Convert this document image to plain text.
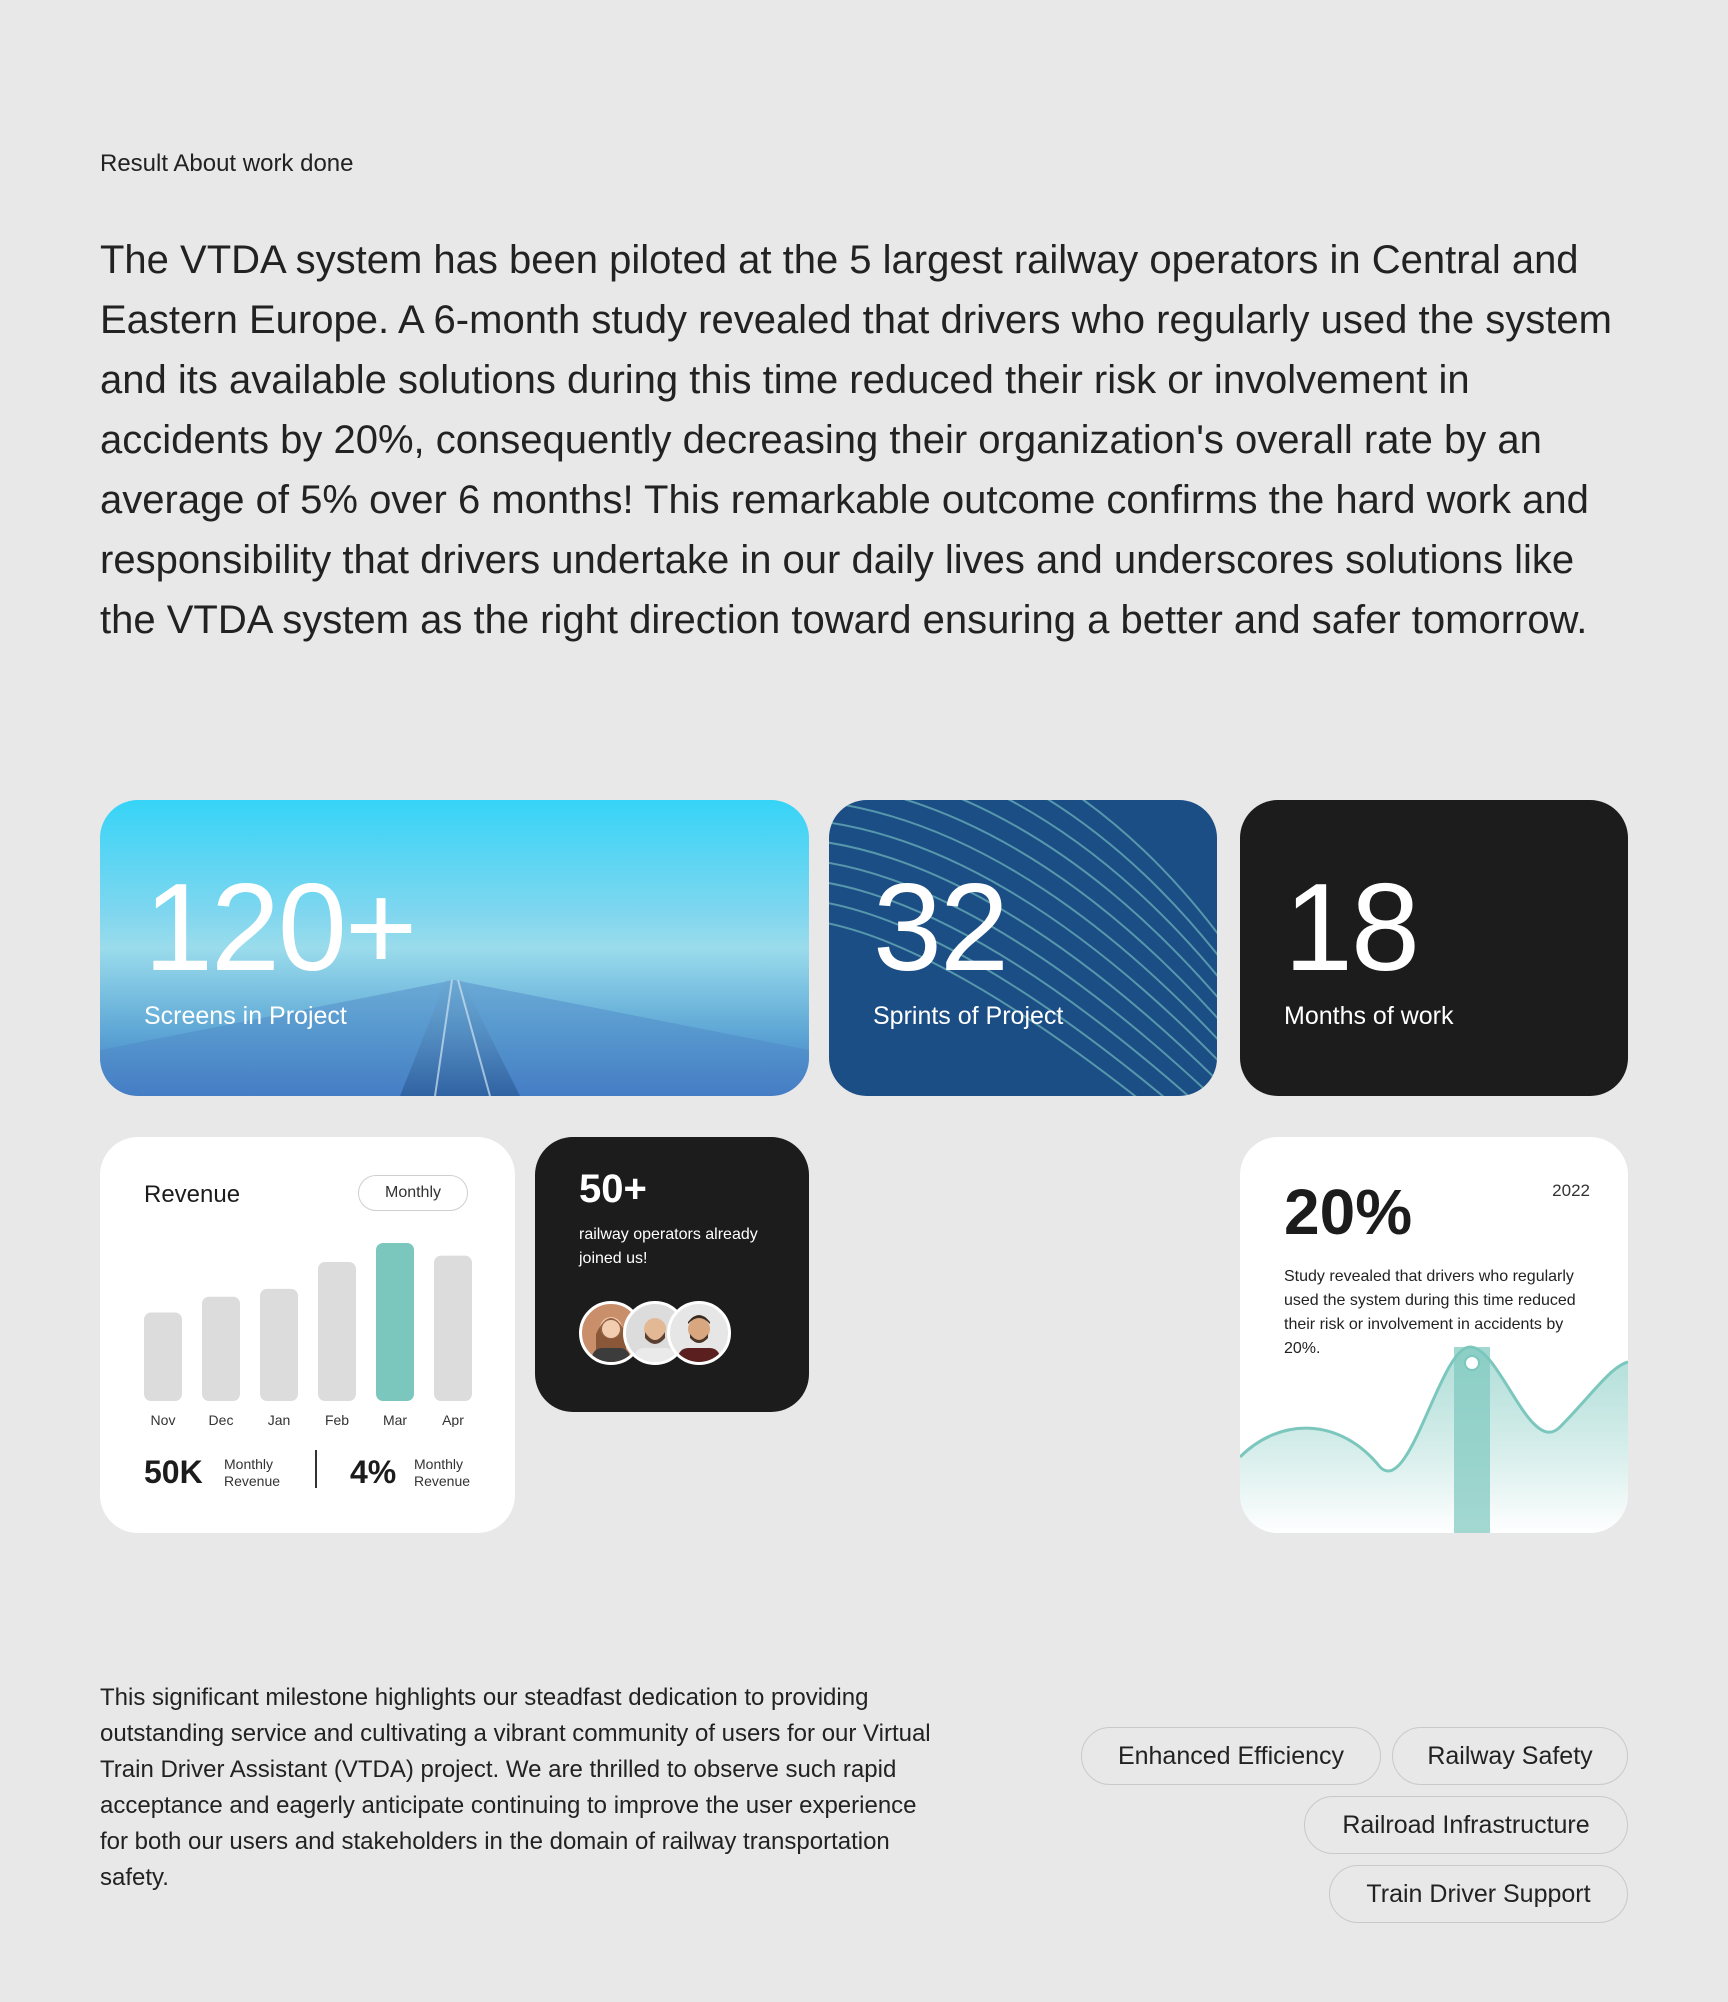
Result About work done
The VTDA system has been piloted at the 5 largest railway operators in Central and Eastern Europe. A 6-month study revealed that drivers who regularly used the system and its available solutions during this time reduced their risk or involvement in accidents by 20%, consequently decreasing their organization's overall rate by an average of 5% over 6 months! This remarkable outcome confirms the hard work and responsibility that drivers undertake in our daily lives and underscores solutions like the VTDA system as the right direction toward ensuring a better and safer tomorrow.
120+
Screens in Project
32
Sprints of Project
18
Months of work
Revenue	Monthly
Nov Dec Jan Feb Mar	Apr
50K Monthly Revenue	4% Monthly Revenue
50+
railway operators already joined us!
20%	2022
Study revealed that drivers who regularly used the system during this time reduced their risk or involvement in accidents by 20%.
This significant milestone highlights our steadfast dedication to providing outstanding service and cultivating a vibrant community of users for our Virtual Train Driver Assistant (VTDA) project. We are thrilled to observe such rapid acceptance and eagerly anticipate continuing to improve the user experience for both our users and stakeholders in the domain of railway transportation safety.
Enhanced Efficiency	Railway Safety
Railroad Infrastructure
Train Driver Support
